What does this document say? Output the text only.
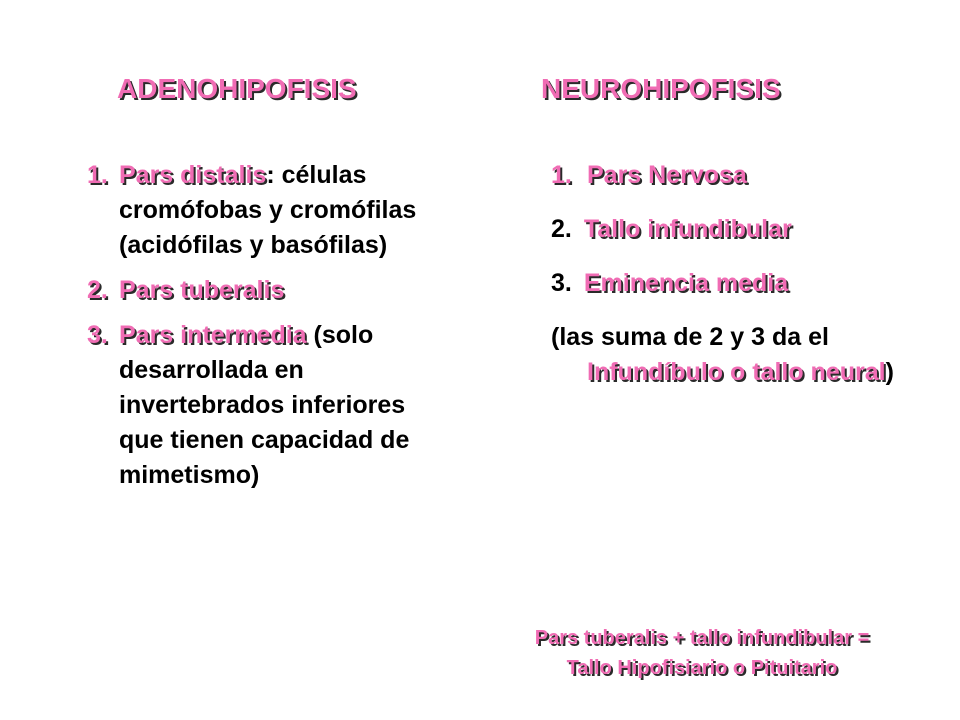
ADENOHIPOFISIS	NEUROHIPOFISIS
1. Pars distalis: células cromófobas y cromófilas (acidófilas y basófilas)
2. Pars tuberalis
3. Pars intermedia (solo desarrollada en invertebrados inferiores que tienen capacidad de mimetismo)
1. Pars Nervosa
2. Tallo infundibular
3. Eminencia media
(las suma de 2 y 3 da el Infundíbulo o tallo neural)
Pars tuberalis + tallo infundibular =
Tallo Hipofisiario o Pituitario
